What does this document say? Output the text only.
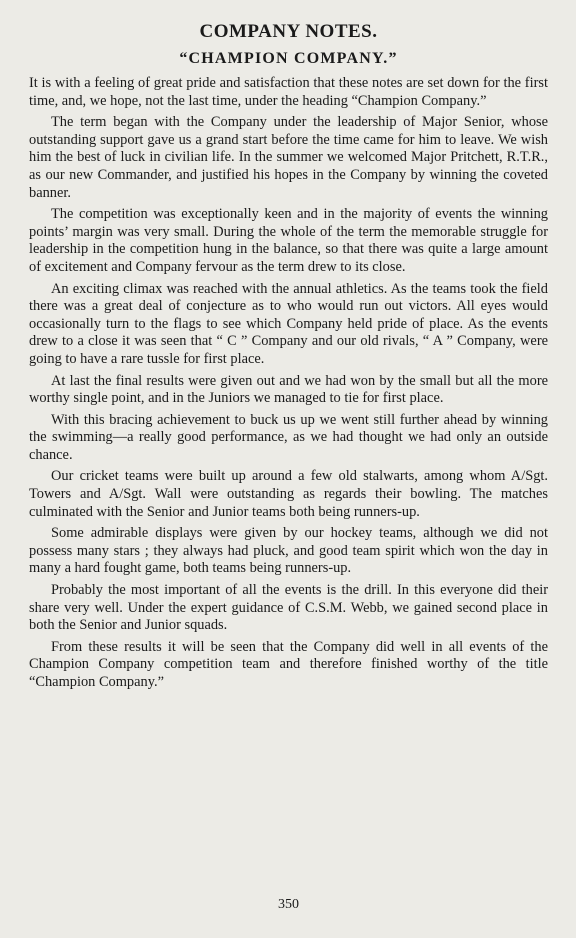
COMPANY NOTES.
“CHAMPION COMPANY.”

It is with a feeling of great pride and satisfaction that these notes are set down for the first time, and, we hope, not the last time, under the heading “Champion Company.”

The term began with the Company under the leadership of Major Senior, whose outstanding support gave us a grand start before the time came for him to leave. We wish him the best of luck in civilian life. In the summer we welcomed Major Pritchett, R.T.R., as our new Commander, and justified his hopes in the Company by winning the coveted banner.

The competition was exceptionally keen and in the majority of events the winning points’ margin was very small. During the whole of the term the memorable struggle for leadership in the competition hung in the balance, so that there was quite a large amount of excitement and Company fervour as the term drew to its close.

An exciting climax was reached with the annual athletics. As the teams took the field there was a great deal of conjecture as to who would run out victors. All eyes would occasionally turn to the flags to see which Company held pride of place. As the events drew to a close it was seen that “ C ” Company and our old rivals, “ A ” Company, were going to have a rare tussle for first place.

At last the final results were given out and we had won by the small but all the more worthy single point, and in the Juniors we managed to tie for first place.

With this bracing achievement to buck us up we went still further ahead by winning the swimming—a really good performance, as we had thought we had only an outside chance.

Our cricket teams were built up around a few old stalwarts, among whom A/Sgt. Towers and A/Sgt. Wall were outstanding as regards their bowling. The matches culminated with the Senior and Junior teams both being runners-up.

Some admirable displays were given by our hockey teams, although we did not possess many stars ; they always had pluck, and good team spirit which won the day in many a hard fought game, both teams being runners-up.

Probably the most important of all the events is the drill. In this everyone did their share very well. Under the expert guidance of C.S.M. Webb, we gained second place in both the Senior and Junior squads.

From these results it will be seen that the Company did well in all events of the Champion Company competition team and therefore finished worthy of the title “Champion Company.”

350
